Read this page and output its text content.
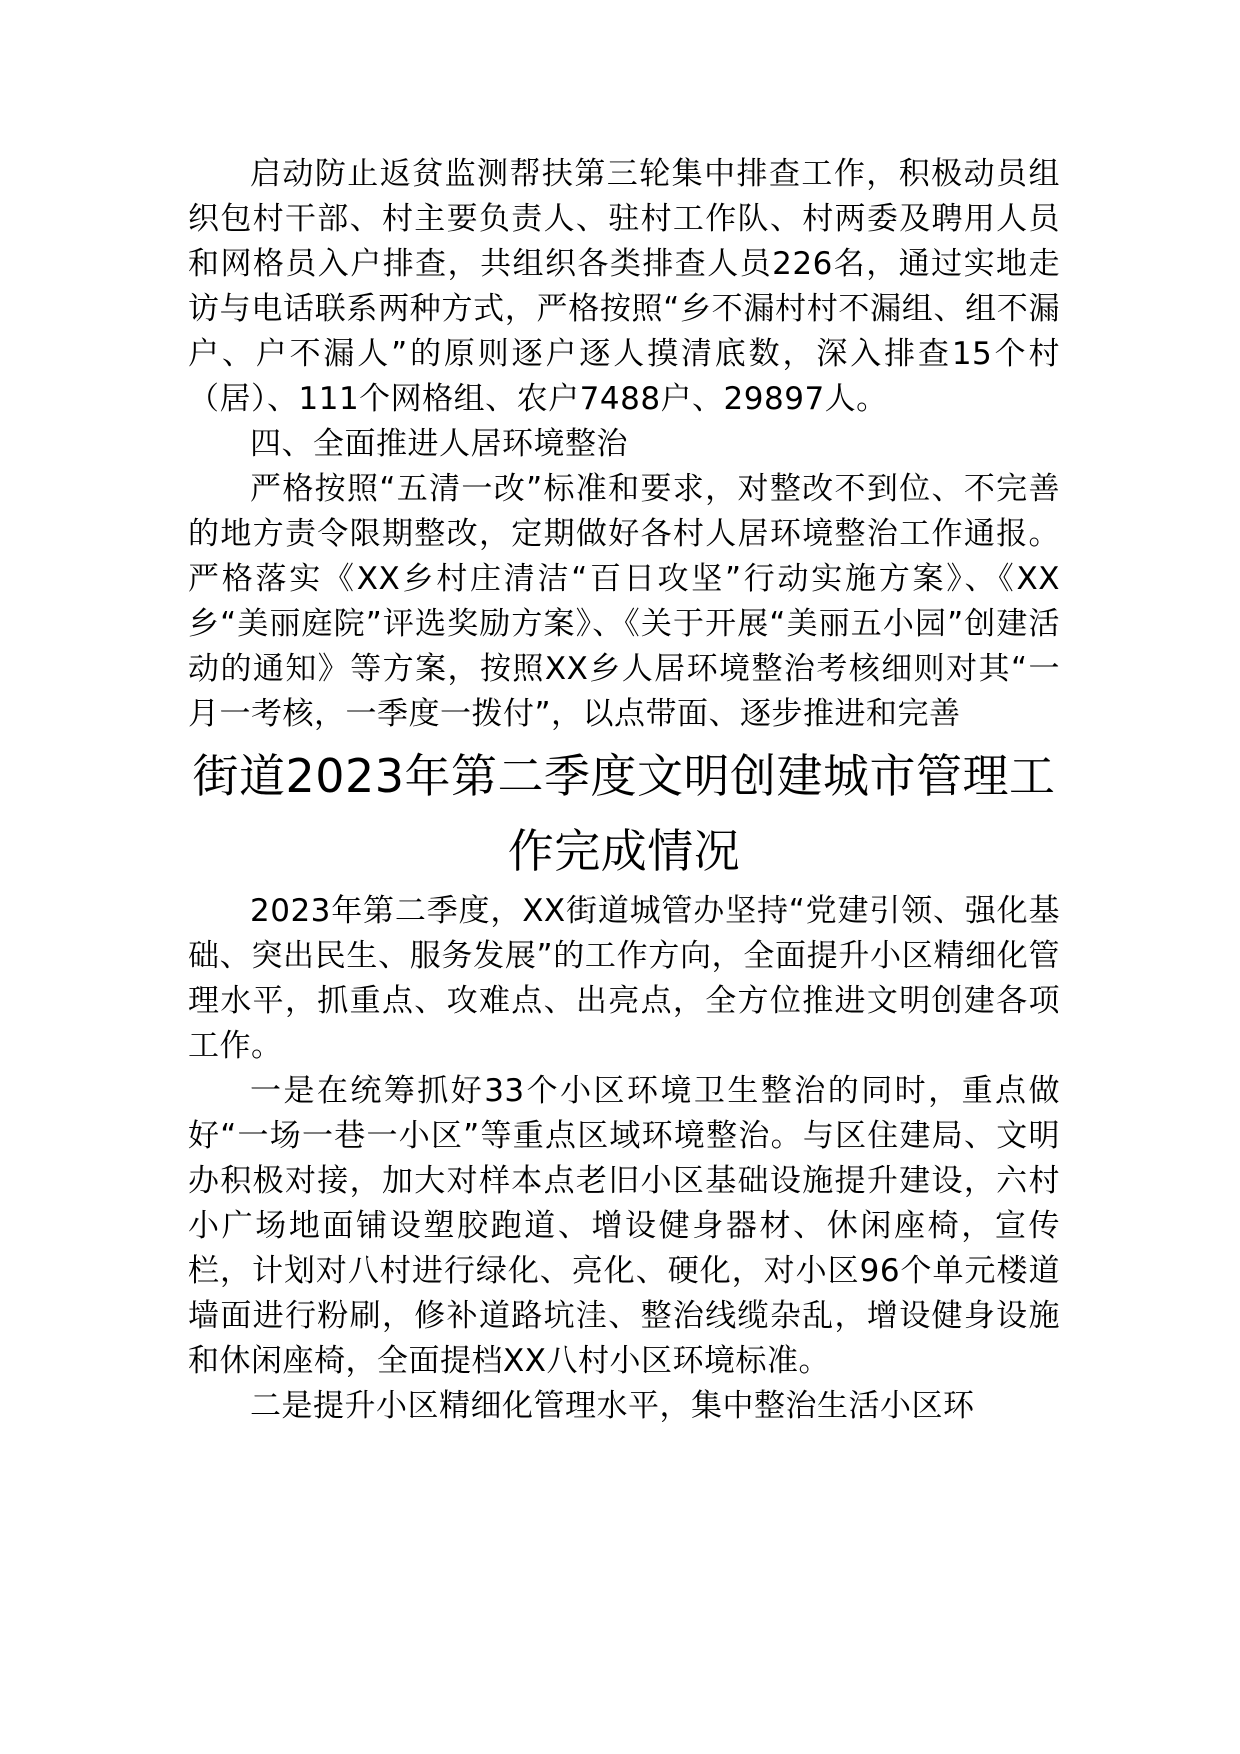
启动防止返贫监测帮扶第三轮集中排查工作，积极动员组织包村干部、村主要负责人、驻村工作队、村两委及聘用人员和网格员入户排查，共组织各类排查人员226名，通过实地走访与电话联系两种方式，严格按照“乡不漏村村不漏组、组不漏户、户不漏人”的原则逐户逐人摸清底数，深入排查15个村（居）、111个网格组、农户7488户、29897人。

四、全面推进人居环境整治

严格按照“五清一改”标准和要求，对整改不到位、不完善的地方责令限期整改，定期做好各村人居环境整治工作通报。严格落实《XX乡村庄清洁“百日攻坚”行动实施方案》、《XX乡“美丽庭院”评选奖励方案》、《关于开展“美丽五小园”创建活动的通知》等方案，按照XX乡人居环境整治考核细则对其“一月一考核，一季度一拨付”，以点带面、逐步推进和完善

街道2023年第二季度文明创建城市管理工作完成情况

2023年第二季度，XX街道城管办坚持“党建引领、强化基础、突出民生、服务发展”的工作方向，全面提升小区精细化管理水平，抓重点、攻难点、出亮点，全方位推进文明创建各项工作。

一是在统筹抓好33个小区环境卫生整治的同时，重点做好“一场一巷一小区”等重点区域环境整治。与区住建局、文明办积极对接，加大对样本点老旧小区基础设施提升建设，六村小广场地面铺设塑胶跑道、增设健身器材、休闲座椅，宣传栏，计划对八村进行绿化、亮化、硬化，对小区96个单元楼道墙面进行粉刷，修补道路坑洼、整治线缆杂乱，增设健身设施和休闲座椅，全面提档XX八村小区环境标准。

二是提升小区精细化管理水平，集中整治生活小区环
